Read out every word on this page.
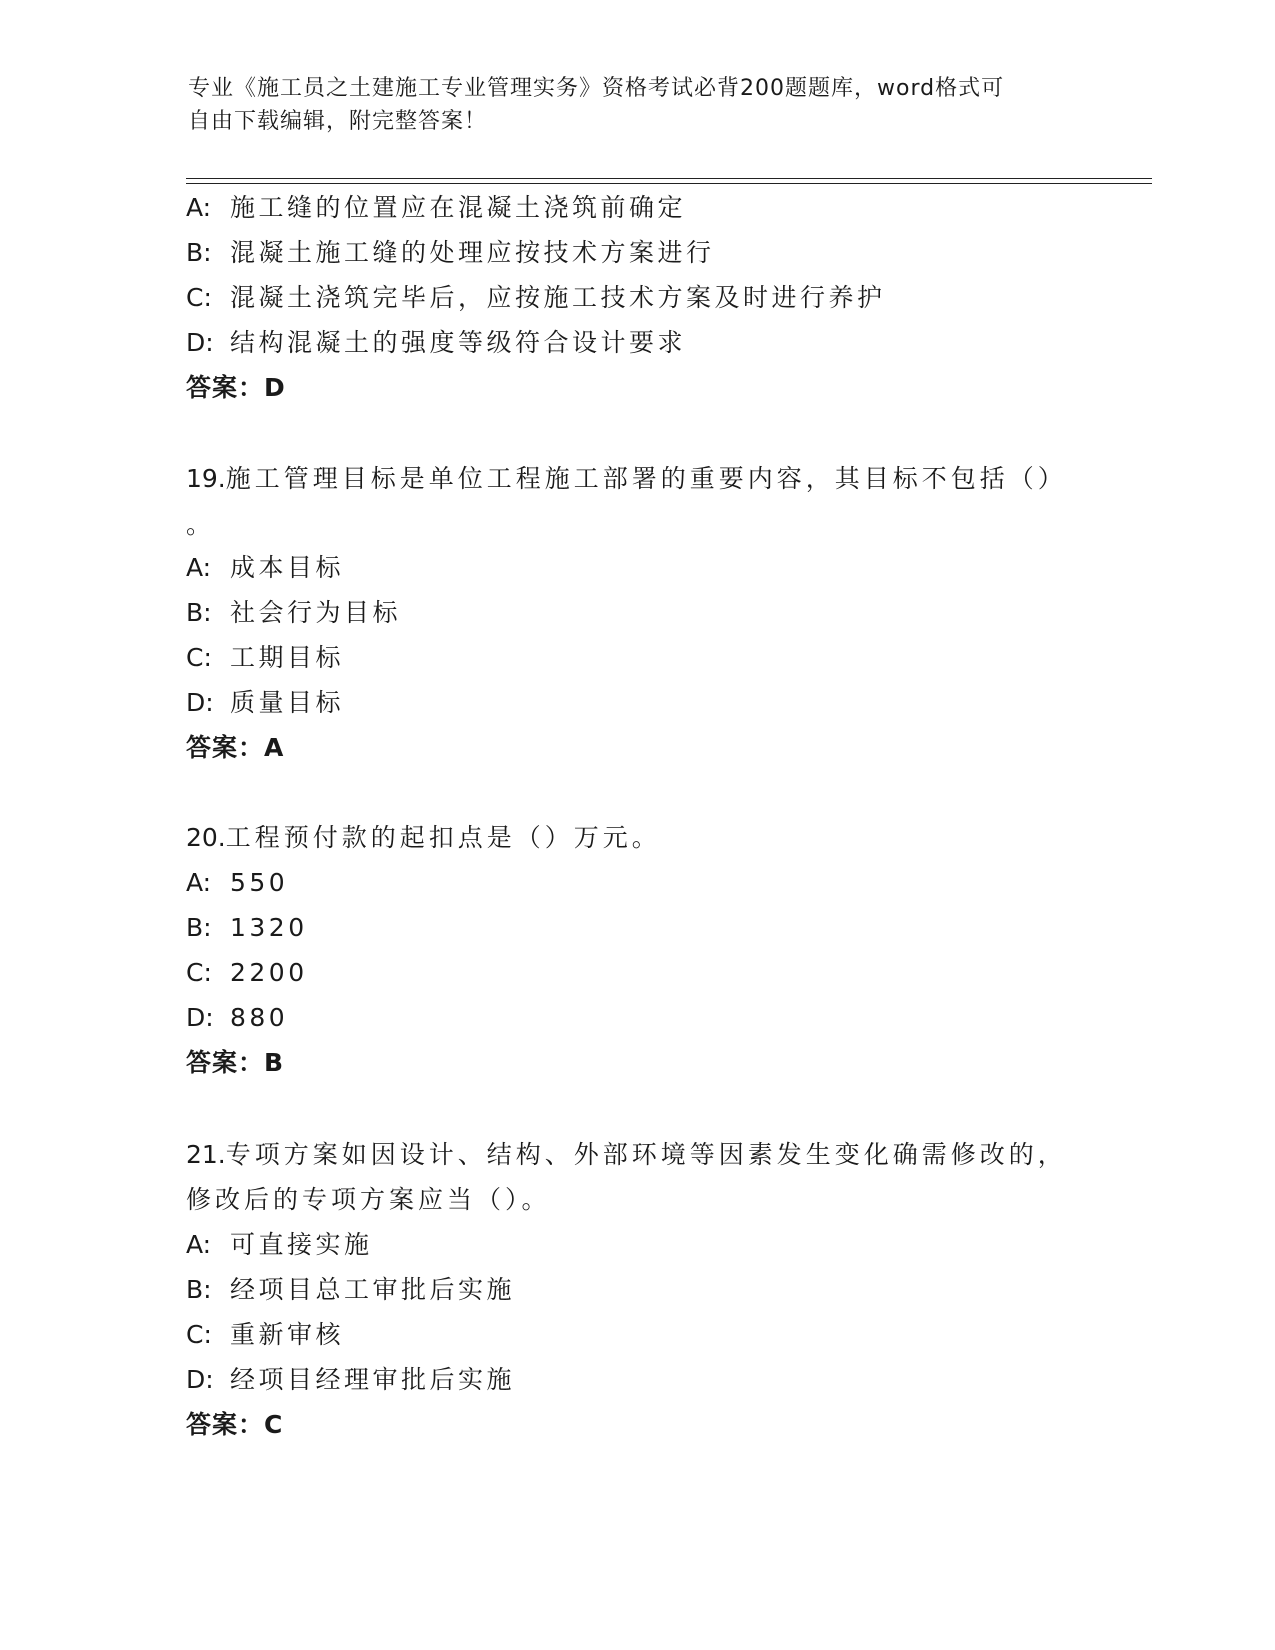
专业《施工员之土建施工专业管理实务》资格考试必背200题题库，word格式可
自由下载编辑，附完整答案！
A: 施工缝的位置应在混凝土浇筑前确定
B: 混凝土施工缝的处理应按技术方案进行
C: 混凝土浇筑完毕后，应按施工技术方案及时进行养护
D: 结构混凝土的强度等级符合设计要求
答案：D
19.施工管理目标是单位工程施工部署的重要内容，其目标不包括（）
。
A: 成本目标
B: 社会行为目标
C: 工期目标
D: 质量目标
答案：A
20.工程预付款的起扣点是（）万元。
A: 550
B: 1320
C: 2200
D: 880
答案：B
21.专项方案如因设计、结构、外部环境等因素发生变化确需修改的，
修改后的专项方案应当（）。
A: 可直接实施
B: 经项目总工审批后实施
C: 重新审核
D: 经项目经理审批后实施
答案：C
